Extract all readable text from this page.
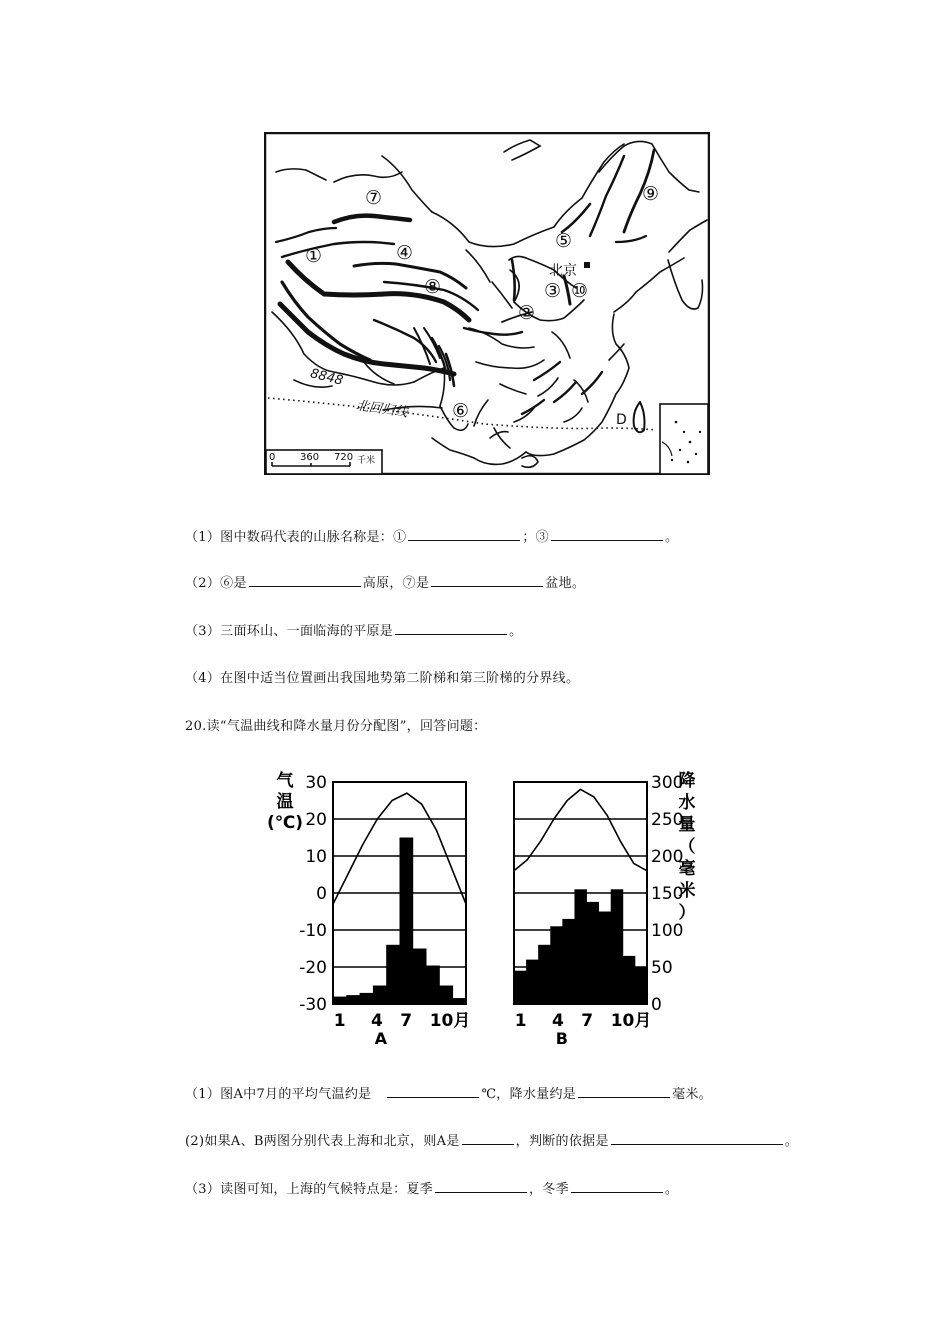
⑦
①	④
⑤
⑨
⑧	③ ⑩
②
⑥
北京
8848
北回归线	D
0 360 720 千米
（1）图中数码代表的山脉名称是：①	；③	。
（2）⑥是	高原，⑦是	盆地。
（3）三面环山、一面临海的平原是	。
（4）在图中适当位置画出我国地势第二阶梯和第三阶梯的分界线。
20.读“气温曲线和降水量月份分配图”，回答问题：
1 4 7 10月
A
1 4 7 10月
B
30
20
10
0
-10
-20
-30
300
250
200
150
100
50
0
气
温
(℃)
降
水
量
（
毫
米
）
（1）图A中7月的平均气温约是	℃，降水量约是	毫米。
(2)如果A、B两图分别代表上海和北京，则A是	，判断的依据是	。
（3）读图可知，上海的气候特点是：夏季	，冬季	。
